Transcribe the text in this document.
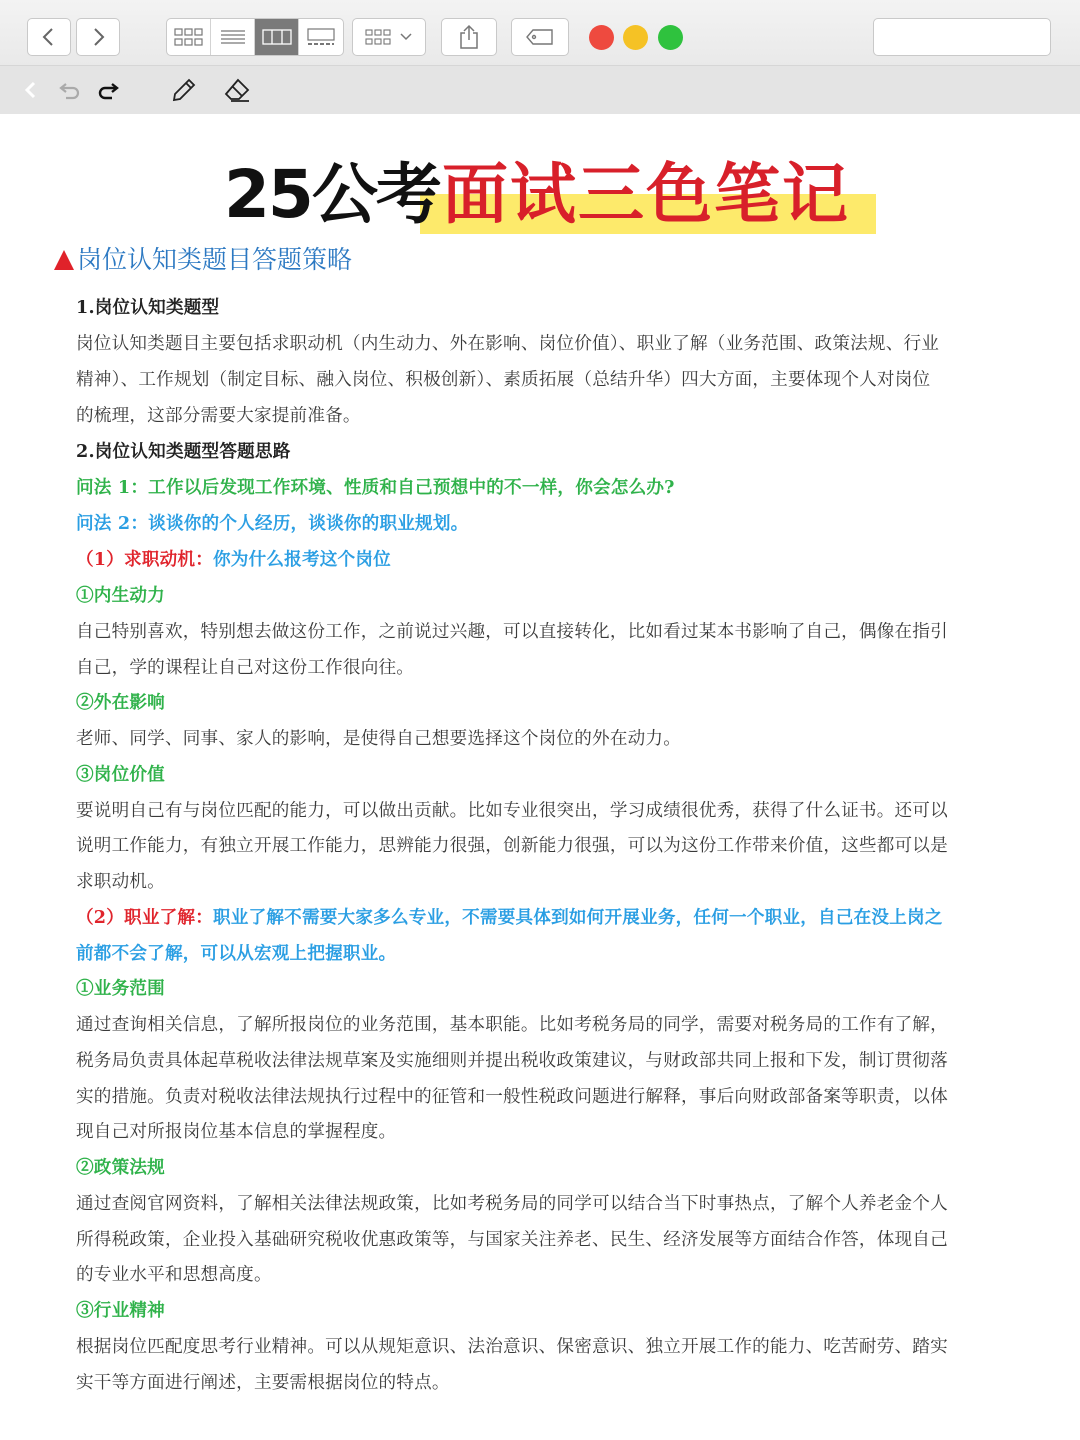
25公考 面试三色笔记
岗位认知类题目答题策略
1.岗位认知类题型
岗位认知类题目主要包括求职动机（内生动力、外在影响、岗位价值）、职业了解（业务范围、政策法规、行业
精神）、工作规划（制定目标、融入岗位、积极创新）、素质拓展（总结升华）四大方面，主要体现个人对岗位
的梳理，这部分需要大家提前准备。
2.岗位认知类题型答题思路
问法 1：工作以后发现工作环境、性质和自己预想中的不一样，你会怎么办?
问法 2：谈谈你的个人经历，谈谈你的职业规划。
（1）求职动机：你为什么报考这个岗位
①内生动力
自己特别喜欢，特别想去做这份工作，之前说过兴趣，可以直接转化，比如看过某本书影响了自己，偶像在指引
自己，学的课程让自己对这份工作很向往。
②外在影响
老师、同学、同事、家人的影响，是使得自己想要选择这个岗位的外在动力。
③岗位价值
要说明自己有与岗位匹配的能力，可以做出贡献。比如专业很突出，学习成绩很优秀，获得了什么证书。还可以
说明工作能力，有独立开展工作能力，思辨能力很强，创新能力很强，可以为这份工作带来价值，这些都可以是
求职动机。
（2）职业了解：职业了解不需要大家多么专业，不需要具体到如何开展业务，任何一个职业，自己在没上岗之
前都不会了解，可以从宏观上把握职业。
①业务范围
通过查询相关信息，了解所报岗位的业务范围，基本职能。比如考税务局的同学，需要对税务局的工作有了解，
税务局负责具体起草税收法律法规草案及实施细则并提出税收政策建议，与财政部共同上报和下发，制订贯彻落
实的措施。负责对税收法律法规执行过程中的征管和一般性税政问题进行解释，事后向财政部备案等职责，以体
现自己对所报岗位基本信息的掌握程度。
②政策法规
通过查阅官网资料，了解相关法律法规政策，比如考税务局的同学可以结合当下时事热点，了解个人养老金个人
所得税政策，企业投入基础研究税收优惠政策等，与国家关注养老、民生、经济发展等方面结合作答，体现自己
的专业水平和思想高度。
③行业精神
根据岗位匹配度思考行业精神。可以从规矩意识、法治意识、保密意识、独立开展工作的能力、吃苦耐劳、踏实
实干等方面进行阐述，主要需根据岗位的特点。
